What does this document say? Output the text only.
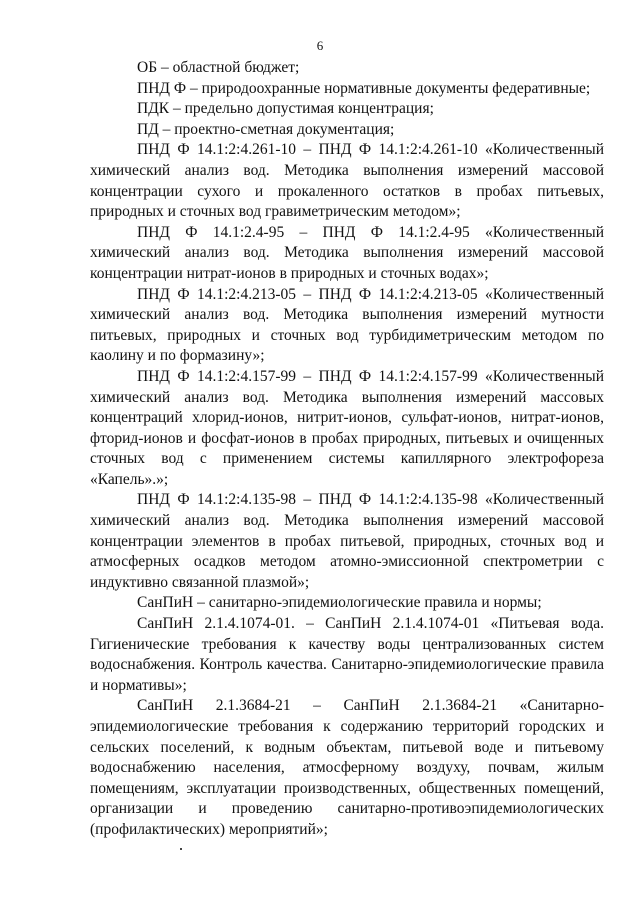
6

ОБ – областной бюджет;

ПНД Ф – природоохранные нормативные документы федеративные;

ПДК – предельно допустимая концентрация;

ПД – проектно-сметная документация;

ПНД Ф 14.1:2:4.261-10 – ПНД Ф 14.1:2:4.261-10 «Количественный химический анализ вод. Методика выполнения измерений массовой концентрации сухого и прокаленного остатков в пробах питьевых, природных и сточных вод гравиметрическим методом»;

ПНД Ф 14.1:2.4-95 – ПНД Ф 14.1:2.4-95 «Количественный химический анализ вод. Методика выполнения измерений массовой концентрации нитрат-ионов в природных и сточных водах»;

ПНД Ф 14.1:2:4.213-05 – ПНД Ф 14.1:2:4.213-05 «Количественный химический анализ вод. Методика выполнения измерений мутности питьевых, природных и сточных вод турбидиметрическим методом по каолину и по формазину»;

ПНД Ф 14.1:2:4.157-99 – ПНД Ф 14.1:2:4.157-99 «Количественный химический анализ вод. Методика выполнения измерений массовых концентраций хлорид-ионов, нитрит-ионов, сульфат-ионов, нитрат-ионов, фторид-ионов и фосфат-ионов в пробах природных, питьевых и очищенных сточных вод с применением системы капиллярного электрофореза «Капель».»;

ПНД Ф 14.1:2:4.135-98 – ПНД Ф 14.1:2:4.135-98 «Количественный химический анализ вод. Методика выполнения измерений массовой концентрации элементов в пробах питьевой, природных, сточных вод и атмосферных осадков методом атомно-эмиссионной спектрометрии с индуктивно связанной плазмой»;

СанПиН – санитарно-эпидемиологические правила и нормы;

СанПиН 2.1.4.1074-01. – СанПиН 2.1.4.1074-01 «Питьевая вода. Гигиенические требования к качеству воды централизованных систем водоснабжения. Контроль качества. Санитарно-эпидемиологические правила и нормативы»;

СанПиН 2.1.3684-21 – СанПиН 2.1.3684-21 «Санитарно-эпидемиологические требования к содержанию территорий городских и сельских поселений, к водным объектам, питьевой воде и питьевому водоснабжению населения, атмосферному воздуху, почвам, жилым помещениям, эксплуатации производственных, общественных помещений, организации и проведению санитарно-противоэпидемиологических (профилактических) мероприятий»;
